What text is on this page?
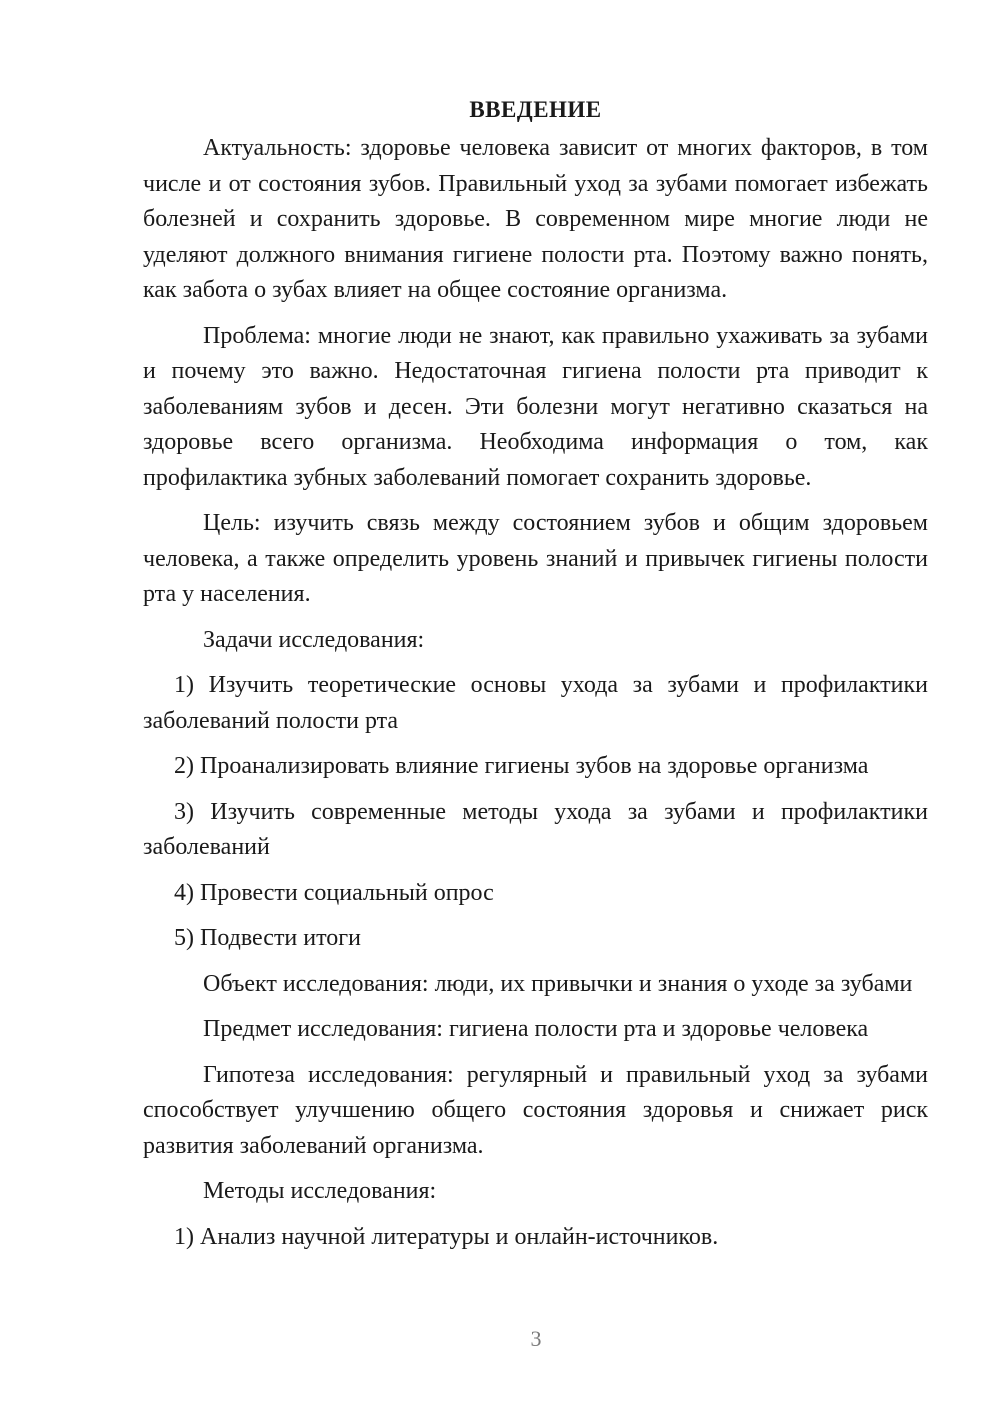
ВВЕДЕНИЕ

Актуальность: здоровье человека зависит от многих факторов, в том числе и от состояния зубов. Правильный уход за зубами помогает избежать болезней и сохранить здоровье. В современном мире многие люди не уделяют должного внимания гигиене полости рта. Поэтому важно понять, как забота о зубах влияет на общее состояние организма.

Проблема: многие люди не знают, как правильно ухаживать за зубами и почему это важно. Недостаточная гигиена полости рта приводит к заболеваниям зубов и десен. Эти болезни могут негативно сказаться на здоровье всего организма. Необходима информация о том, как профилактика зубных заболеваний помогает сохранить здоровье.

Цель: изучить связь между состоянием зубов и общим здоровьем человека, а также определить уровень знаний и привычек гигиены полости рта у населения.

Задачи исследования:

1) Изучить теоретические основы ухода за зубами и профилактики заболеваний полости рта

2) Проанализировать влияние гигиены зубов на здоровье организма

3) Изучить современные методы ухода за зубами и профилактики заболеваний

4) Провести социальный опрос

5) Подвести итоги

Объект исследования: люди, их привычки и знания о уходе за зубами

Предмет исследования: гигиена полости рта и здоровье человека

Гипотеза исследования: регулярный и правильный уход за зубами способствует улучшению общего состояния здоровья и снижает риск развития заболеваний организма.

Методы исследования:

1) Анализ научной литературы и онлайн-источников.

3
